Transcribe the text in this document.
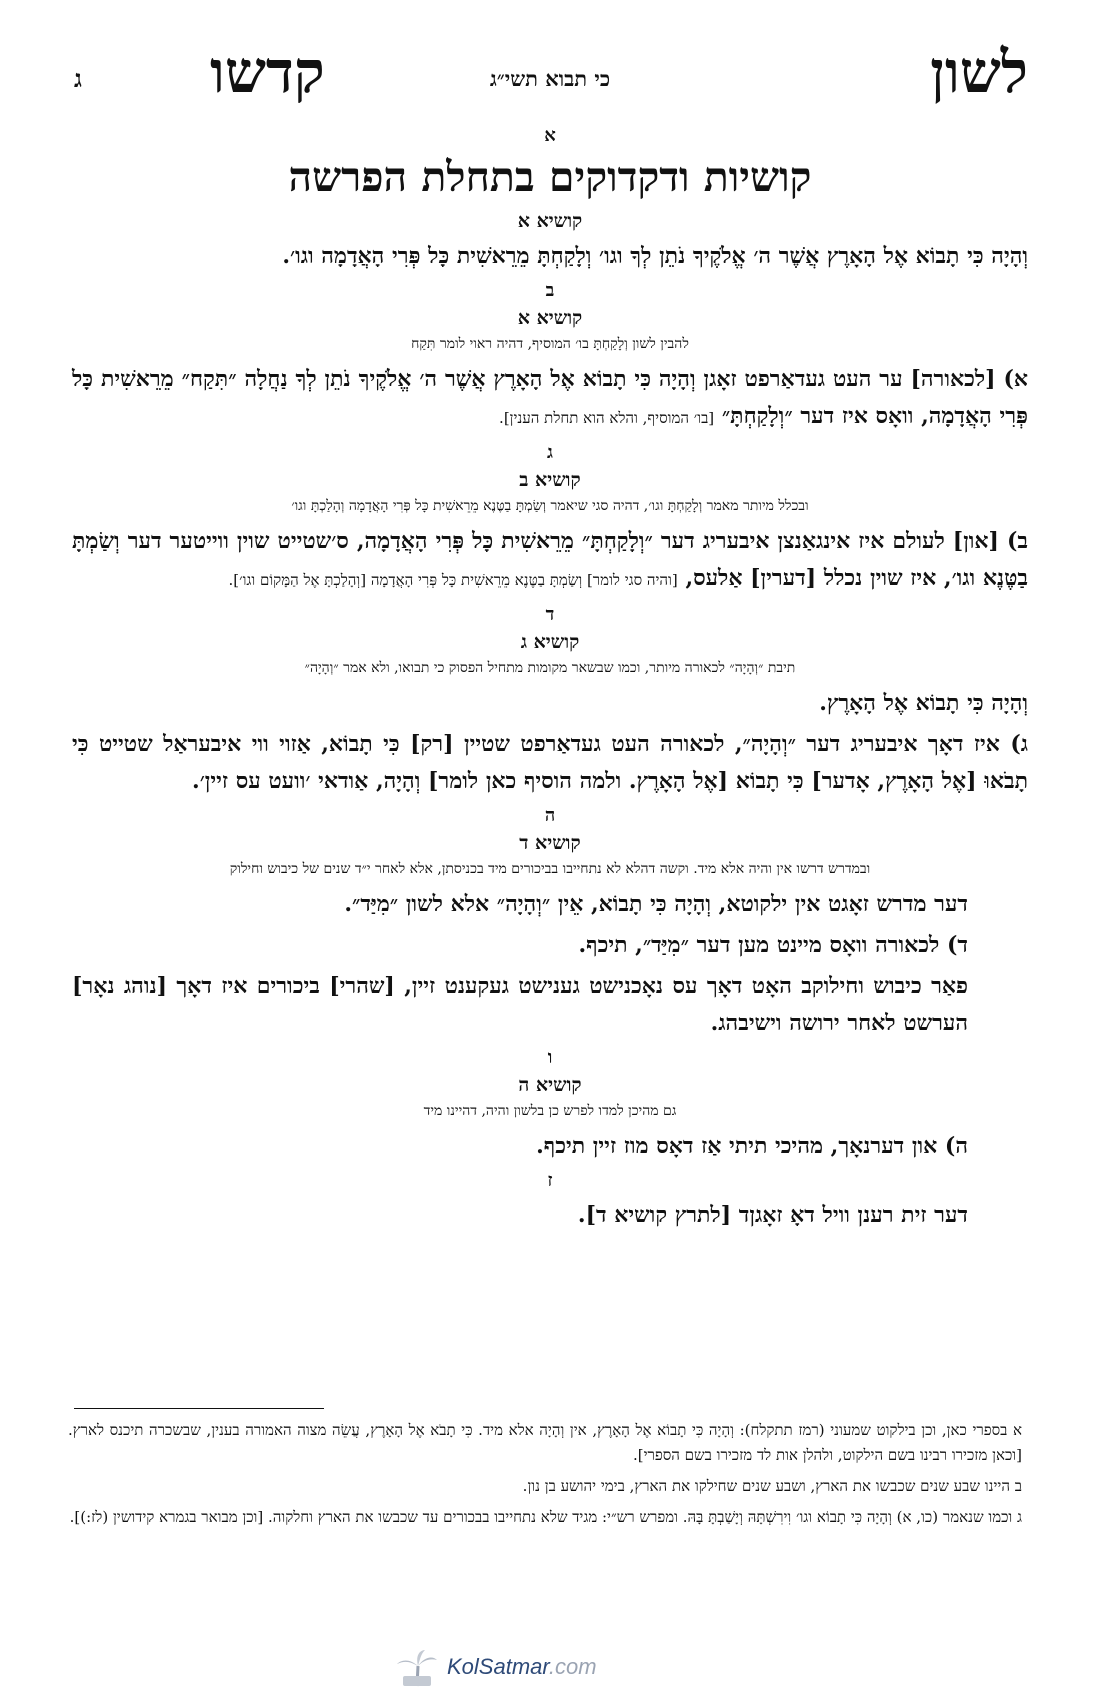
לשון
כי תבוא תשי״ג
קדשו
ג
א
קושיות ודקדוקים בתחלת הפרשה
קושיא א
וְהָיָה כִּי תָבוֹא אֶל הָאָרֶץ אֲשֶׁר ה׳ אֱלֹקֶיךָ נֹתֵן לְךָ וגו׳ וְלָקַחְתָּ מֵרֵאשִׁית כָּל פְּרִי הָאֲדָמָה וגו׳.
ב
קושיא א
להבין לשון וְלָקַחְתָּ בו׳ המוסיף, דהיה ראוי לומר תִּקַח
א) [לכאורה] ער העט געדאַרפט זאָגן וְהָיָה כִּי תָבוֹא אֶל הָאָרֶץ אֲשֶׁר ה׳ אֱלֹקֶיךָ נֹתֵן לְךָ נַחֲלָה ״תִּקַח״ מֵרֵאשִׁית כָּל פְּרִי הָאֲדָמָה, וואָס איז דער ״וְלָקַחְתָּ״ [בו׳ המוסיף, והלא הוא תחלת הענין].
ג
קושיא ב
ובכלל מיותר מאמר וְלָקַחְתָּ וגו׳, דהיה סגי שיאמר וְשַׂמְתָּ בַטֶּנֶא מֵרֵאשִׁית כָּל פְּרִי הָאֲדָמָה וְהָלַכְתָּ וגו׳
ב) [און] לעולם איז אינגאַנצן איבעריג דער ״וְלָקַחְתָּ״ מֵרֵאשִׁית כָּל פְּרִי הָאֲדָמָה, ס׳שטייט שוין ווייטער דער וְשַׂמְתָּ בַטֶּנֶא וגו׳, איז שוין נכלל [דערין] אַלעס, [והיה סגי לומר] וְשַׂמְתָּ בַטֶּנֶא מֵרֵאשִׁית כָּל פְּרִי הָאֲדָמָה [וְהָלַכְתָּ אֶל הַמָּקוֹם וגו׳].
ד
קושיא ג
תיבת ״וְהָיָה״ לכאורה מיותר, וכמו שבשאר מקומות מתחיל הפסוק כי תבואו, ולא אמר ״וְהָיָה״
וְהָיָה כִּי תָבוֹא אֶל הָאָרֶץ.
ג) איז דאָך איבעריג דער ״וְהָיָה״, לכאורה העט געדאַרפט שטיין [רק] כִּי תָבוֹא, אַזוי ווי איבעראַל שטייט כִּי תָבֹאוּ [אֶל הָאָרֶץ, אָדער] כִּי תָבוֹא [אֶל הָאָרֶץ. ולמה הוסיף כאן לומר] וְהָיָה, אַודאי ׳וועט עס זיין׳.
ה
קושיא ד
ובמדרש דרשו אין והיה אלא מיד. וקשה דהלא לא נתחייבו בביכורים מיד בכניסתן, אלא לאחר י״ד שנים של כיבוש וחילוק
דער מדרש זאָגט אין ילקוטא, וְהָיָה כִּי תָבוֹא, אֵין ״וְהָיָה״ אלא לשון ״מִיַּד״.
ד) לכאורה וואָס מיינט מען דער ״מִיַּד״, תיכף.
פאַר כיבוש וחילוקב האָט דאָך עס נאָכנישט גענישט געקענט זיין, [שהרי] ביכורים איז דאָך [נוהג נאָר] הערשט לאחר ירושה וישיבהג.
ו
קושיא ה
גם מהיכן למדו לפרש כן בלשון והיה, דהיינו מיד
ה) און דערנאָך, מהיכי תיתי אַז דאָס מוז זיין תיכף.
ז
דער זית רענן וויל דאָ זאָגןד [לתרץ קושיא ד].
א בספרי כאן, וכן בילקוט שמעוני (רמז תתקלח): וְהָיָה כִּי תָבוֹא אֶל הָאָרֶץ, אין וְהָיָה אלא מיד. כִּי תָבֹא אֶל הָאָרֶץ, עֲשֵׂה מצוה האמורה בענין, שבשכרה תיכנס לארץ. [וכאן מזכירו רבינו בשם הילקוט, ולהלן אות לד מזכירו בשם הספרי].
ב היינו שבע שנים שכבשו את הארץ, ושבע שנים שחילקו את הארץ, בימי יהושע בן נון.
ג וכמו שנאמר (כו, א) וְהָיָה כִּי תָבוֹא וגו׳ וִירִשְׁתָּהּ וְיָשַׁבְתָּ בָּהּ. ומפרש רש״י: מגיד שלא נתחייבו בבכורים עד שכבשו את הארץ וחלקוה. [וכן מבואר בגמרא קידושין (לז:)].
KolSatmar.com
